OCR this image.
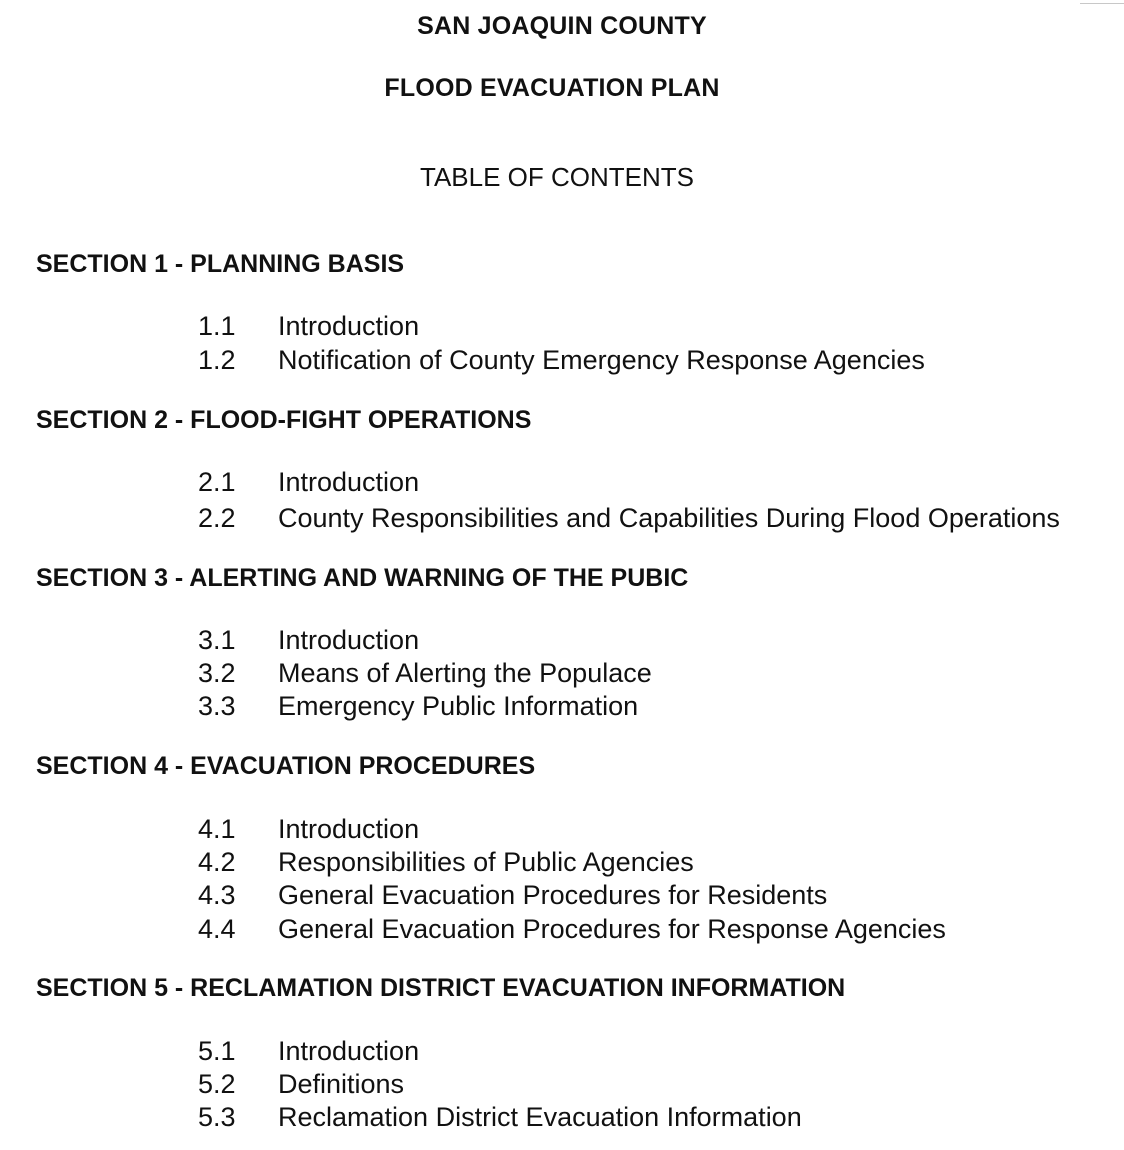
SAN JOAQUIN COUNTY
FLOOD EVACUATION PLAN
TABLE OF CONTENTS
SECTION 1 - PLANNING BASIS
1.1 Introduction
1.2 Notification of County Emergency Response Agencies
SECTION 2 - FLOOD-FIGHT OPERATIONS
2.1 Introduction
2.2 County Responsibilities and Capabilities During Flood Operations
SECTION 3 - ALERTING AND WARNING OF THE PUBIC
3.1 Introduction
3.2 Means of Alerting the Populace
3.3 Emergency Public Information
SECTION 4 - EVACUATION PROCEDURES
4.1 Introduction
4.2 Responsibilities of Public Agencies
4.3 General Evacuation Procedures for Residents
4.4 General Evacuation Procedures for Response Agencies
SECTION 5 - RECLAMATION DISTRICT EVACUATION INFORMATION
5.1 Introduction
5.2 Definitions
5.3 Reclamation District Evacuation Information
